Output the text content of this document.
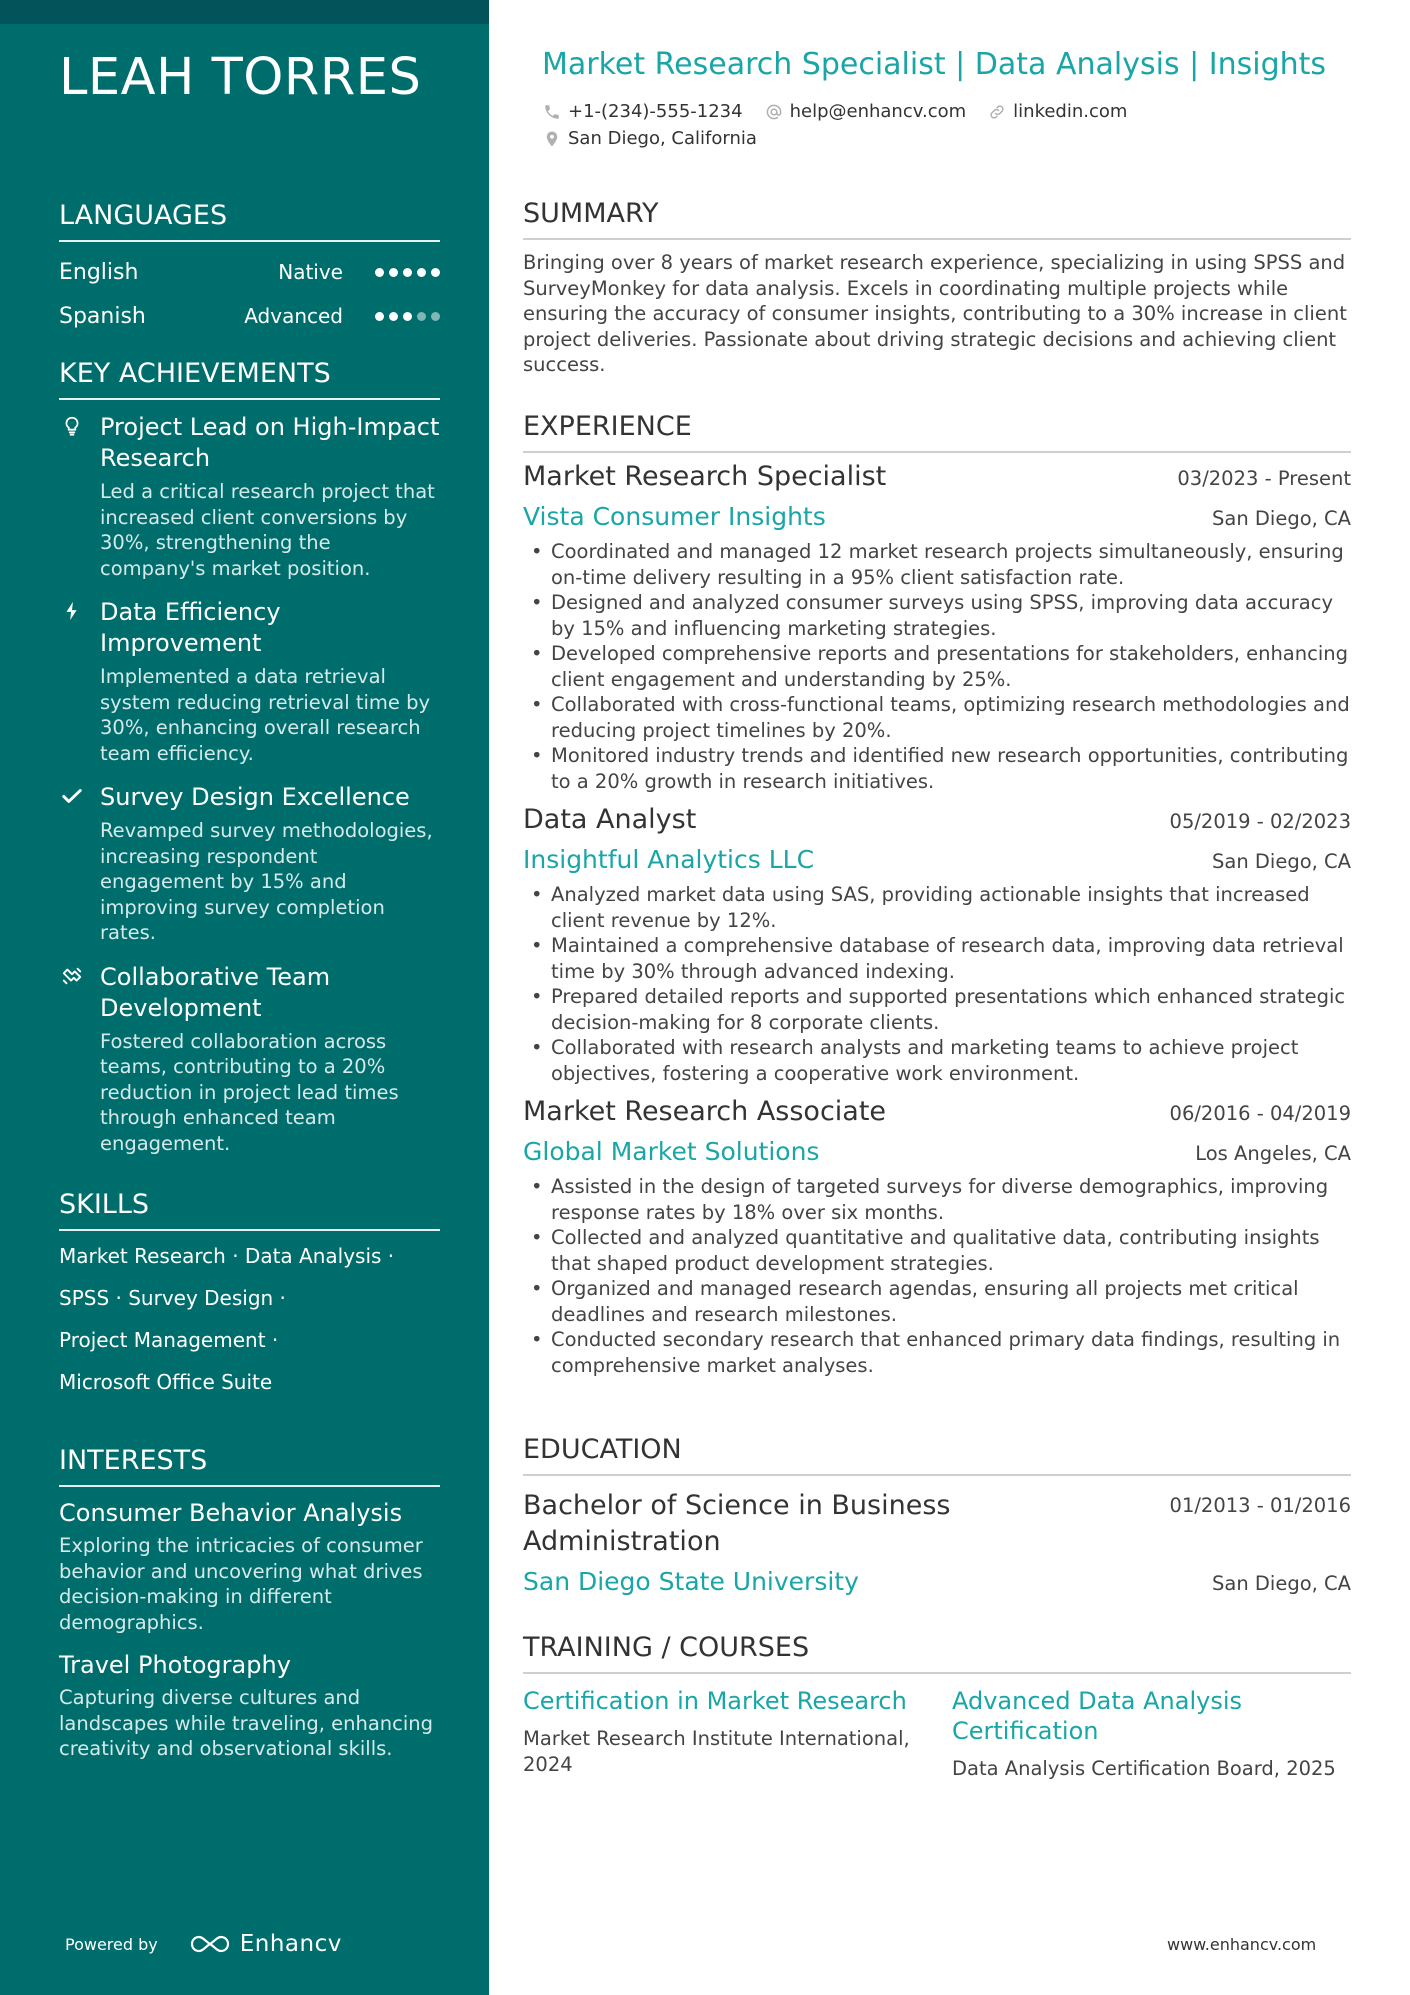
LEAH TORRES
LANGUAGES
English	Native
Spanish	Advanced
KEY ACHIEVEMENTS
Project Lead on High-Impact Research
Led a critical research project that increased client conversions by 30%, strengthening the company's market position.
Data Efficiency Improvement
Implemented a data retrieval system reducing retrieval time by 30%, enhancing overall research team efficiency.
Survey Design Excellence
Revamped survey methodologies, increasing respondent engagement by 15% and improving survey completion rates.
Collaborative Team Development
Fostered collaboration across teams, contributing to a 20% reduction in project lead times through enhanced team engagement.
SKILLS
Market Research · Data Analysis ·
SPSS · Survey Design ·
Project Management ·
Microsoft Office Suite
INTERESTS
Consumer Behavior Analysis
Exploring the intricacies of consumer behavior and uncovering what drives decision-making in different demographics.
Travel Photography
Capturing diverse cultures and landscapes while traveling, enhancing creativity and observational skills.
Powered by	Enhancv
Market Research Specialist | Data Analysis | Insights
+1-(234)-555-1234	help@enhancv.com	linkedin.com
San Diego, California
SUMMARY
Bringing over 8 years of market research experience, specializing in using SPSS and SurveyMonkey for data analysis. Excels in coordinating multiple projects while ensuring the accuracy of consumer insights, contributing to a 30% increase in client project deliveries. Passionate about driving strategic decisions and achieving client success.
EXPERIENCE
Market Research Specialist	03/2023 - Present
Vista Consumer Insights	San Diego, CA
• Coordinated and managed 12 market research projects simultaneously, ensuring on-time delivery resulting in a 95% client satisfaction rate.
• Designed and analyzed consumer surveys using SPSS, improving data accuracy by 15% and influencing marketing strategies.
• Developed comprehensive reports and presentations for stakeholders, enhancing client engagement and understanding by 25%.
• Collaborated with cross-functional teams, optimizing research methodologies and reducing project timelines by 20%.
• Monitored industry trends and identified new research opportunities, contributing to a 20% growth in research initiatives.
Data Analyst	05/2019 - 02/2023
Insightful Analytics LLC	San Diego, CA
• Analyzed market data using SAS, providing actionable insights that increased client revenue by 12%.
• Maintained a comprehensive database of research data, improving data retrieval time by 30% through advanced indexing.
• Prepared detailed reports and supported presentations which enhanced strategic decision-making for 8 corporate clients.
• Collaborated with research analysts and marketing teams to achieve project objectives, fostering a cooperative work environment.
Market Research Associate	06/2016 - 04/2019
Global Market Solutions	Los Angeles, CA
• Assisted in the design of targeted surveys for diverse demographics, improving response rates by 18% over six months.
• Collected and analyzed quantitative and qualitative data, contributing insights that shaped product development strategies.
• Organized and managed research agendas, ensuring all projects met critical deadlines and research milestones.
• Conducted secondary research that enhanced primary data findings, resulting in comprehensive market analyses.
EDUCATION
Bachelor of Science in Business Administration
01/2013 - 01/2016
San Diego State University	San Diego, CA
TRAINING / COURSES
Certification in Market Research
Market Research Institute International, 2024
Advanced Data Analysis Certification
Data Analysis Certification Board, 2025
www.enhancv.com
